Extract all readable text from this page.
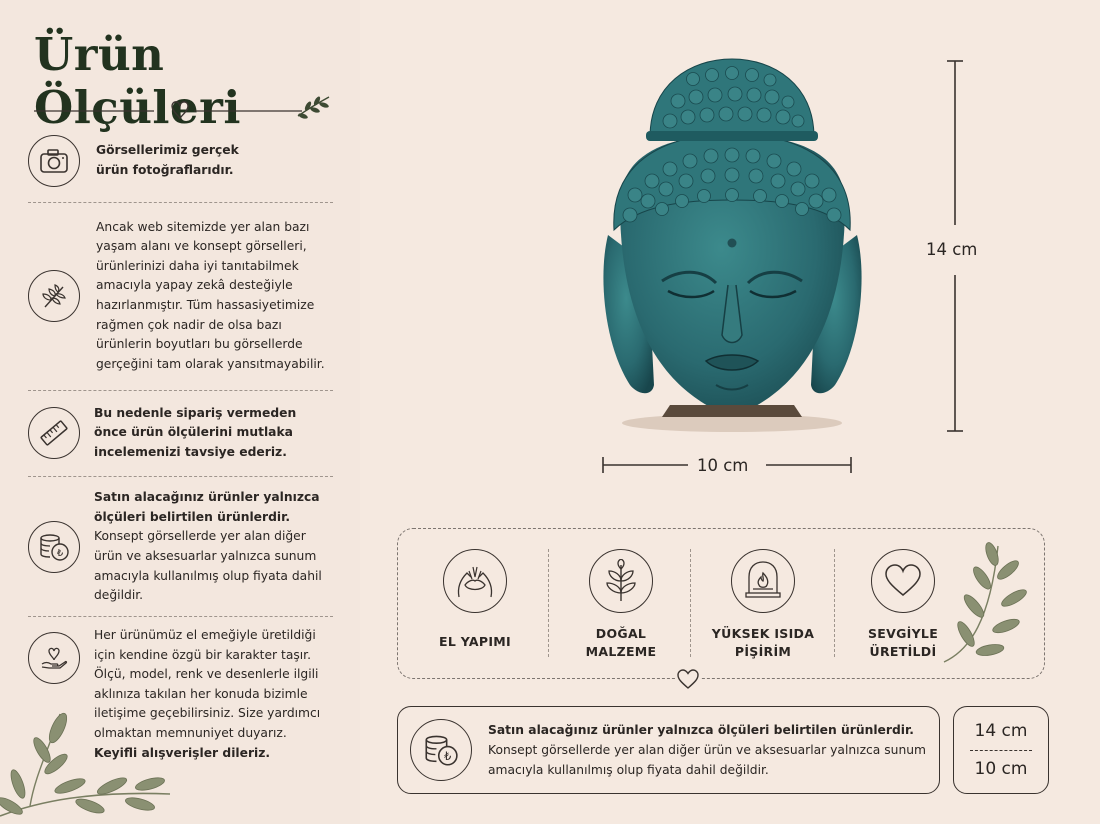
Ürün Ölçüleri
Görsellerimiz gerçek
ürün fotoğraflarıdır.
Ancak web sitemizde yer alan bazı yaşam alanı ve konsept görselleri, ürünlerinizi daha iyi tanıtabilmek amacıyla yapay zekâ desteğiyle hazırlanmıştır. Tüm hassasiyetimize rağmen çok nadir de olsa bazı ürünlerin boyutları bu görsellerde gerçeğini tam olarak yansıtmayabilir.
Bu nedenle sipariş vermeden önce ürün ölçülerini mutlaka incelemenizi tavsiye ederiz.
₺
Satın alacağınız ürünler yalnızca ölçüleri belirtilen ürünlerdir.
Konsept görsellerde yer alan diğer ürün ve aksesuarlar yalnızca sunum amacıyla kullanılmış olup fiyata dahil değildir.
Her ürünümüz el emeğiyle üretildiği için kendine özgü bir karakter taşır. Ölçü, model, renk ve desenlerle ilgili aklınıza takılan her konuda bizimle iletişime geçebilirsiniz. Size yardımcı olmaktan memnuniyet duyarız.
Keyifli alışverişler dileriz.
14 cm
10 cm
EL YAPIMI
DOĞAL
MALZEME
YÜKSEK ISIDA
PİŞİRİM
SEVGİYLE
ÜRETİLDİ
₺
Satın alacağınız ürünler yalnızca ölçüleri belirtilen ürünlerdir.
Konsept görsellerde yer alan diğer ürün ve aksesuarlar yalnızca sunum amacıyla kullanılmış olup fiyata dahil değildir.
14 cm
10 cm
